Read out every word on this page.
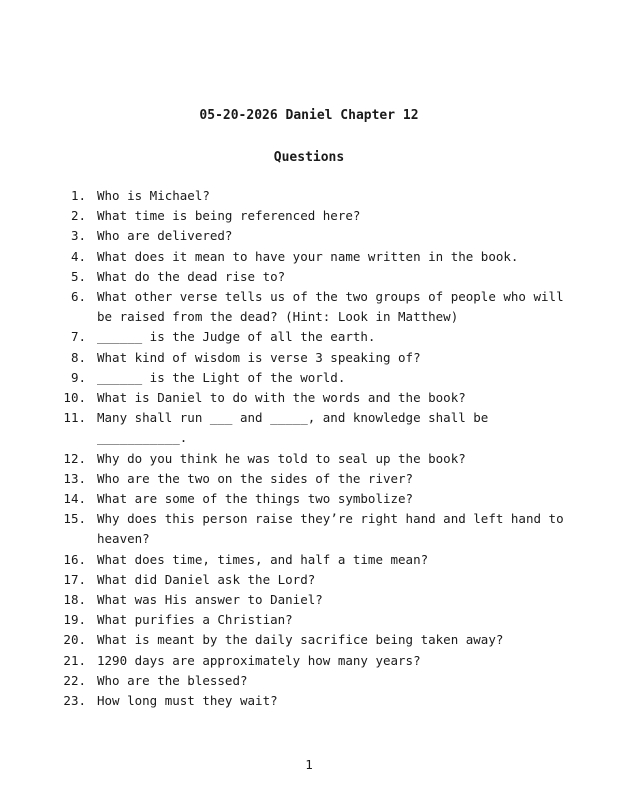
05-20-2026 Daniel Chapter 12
Questions
1. Who is Michael?
2. What time is being referenced here?
3. Who are delivered?
4. What does it mean to have your name written in the book.
5. What do the dead rise to?
6. What other verse tells us of the two groups of people who will be raised from the dead? (Hint: Look in Matthew)
7. ______ is the Judge of all the earth.
8. What kind of wisdom is verse 3 speaking of?
9. ______ is the Light of the world.
10. What is Daniel to do with the words and the book?
11. Many shall run ___ and _____, and knowledge shall be ___________.
12. Why do you think he was told to seal up the book?
13. Who are the two on the sides of the river?
14. What are some of the things two symbolize?
15. Why does this person raise they’re right hand and left hand to heaven?
16. What does time, times, and half a time mean?
17. What did Daniel ask the Lord?
18. What was His answer to Daniel?
19. What purifies a Christian?
20. What is meant by the daily sacrifice being taken away?
21. 1290 days are approximately how many years?
22. Who are the blessed?
23. How long must they wait?
1
